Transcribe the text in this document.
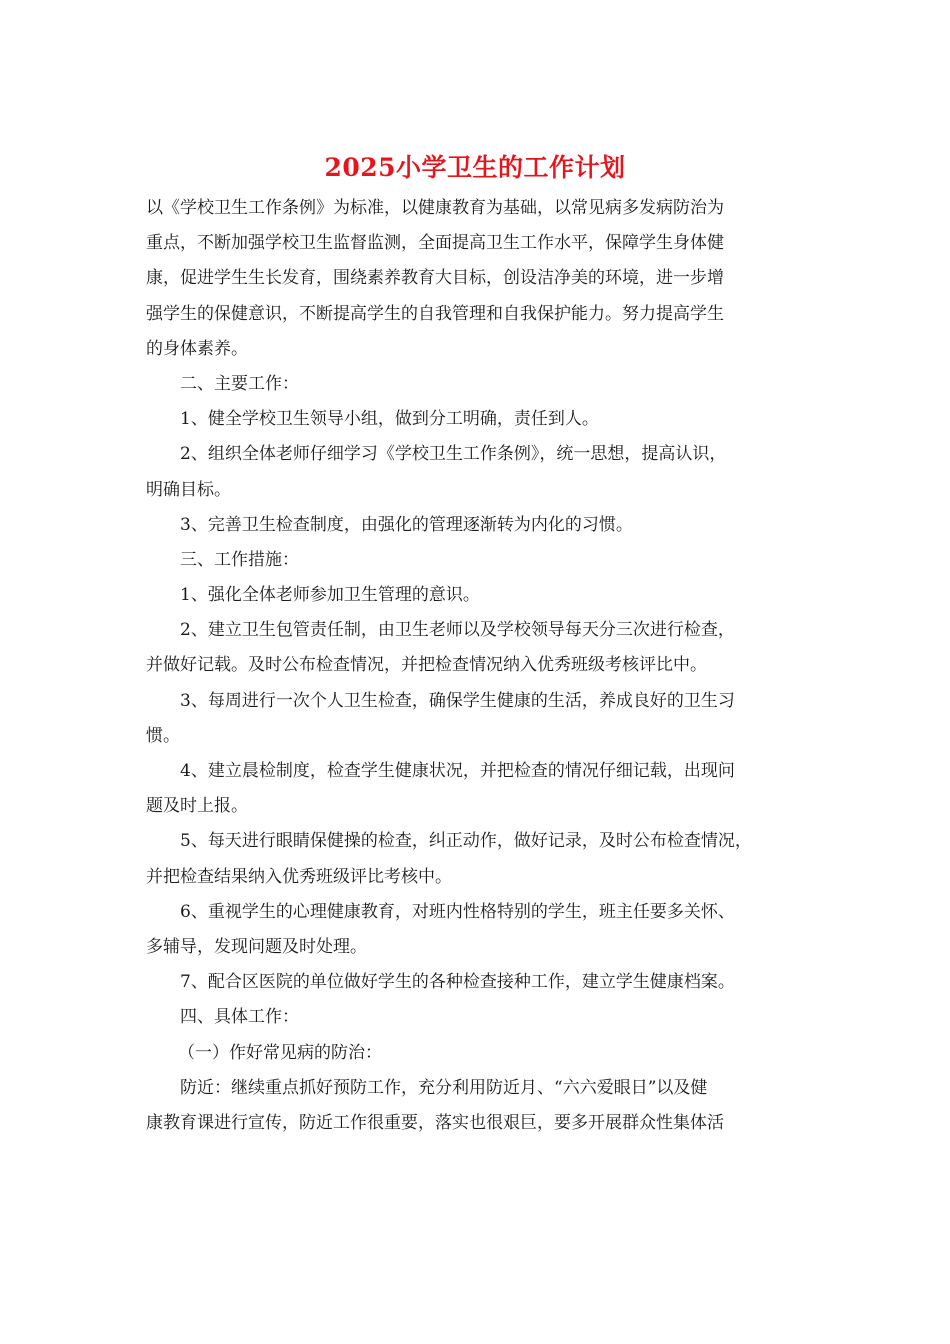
2025小学卫生的工作计划
以《学校卫生工作条例》为标准，以健康教育为基础，以常见病多发病防治为
重点，不断加强学校卫生监督监测，全面提高卫生工作水平，保障学生身体健
康，促进学生生长发育，围绕素养教育大目标，创设洁净美的环境，进一步增
强学生的保健意识，不断提高学生的自我管理和自我保护能力。努力提高学生
的身体素养。
二、主要工作：
1、健全学校卫生领导小组，做到分工明确，责任到人。
2、组织全体老师仔细学习《学校卫生工作条例》，统一思想，提高认识，
明确目标。
3、完善卫生检查制度，由强化的管理逐渐转为内化的习惯。
三、工作措施：
1、强化全体老师参加卫生管理的意识。
2、建立卫生包管责任制，由卫生老师以及学校领导每天分三次进行检查，
并做好记载。及时公布检查情况，并把检查情况纳入优秀班级考核评比中。
3、每周进行一次个人卫生检查，确保学生健康的生活，养成良好的卫生习
惯。
4、建立晨检制度，检查学生健康状况，并把检查的情况仔细记载，出现问
题及时上报。
5、每天进行眼睛保健操的检查，纠正动作，做好记录，及时公布检查情况，
并把检查结果纳入优秀班级评比考核中。
6、重视学生的心理健康教育，对班内性格特别的学生，班主任要多关怀、
多辅导，发现问题及时处理。
7、配合区医院的单位做好学生的各种检查接种工作，建立学生健康档案。
四、具体工作：
（一）作好常见病的防治：
防近：继续重点抓好预防工作，充分利用防近月、“六六爱眼日”以及健
康教育课进行宣传，防近工作很重要，落实也很艰巨，要多开展群众性集体活
